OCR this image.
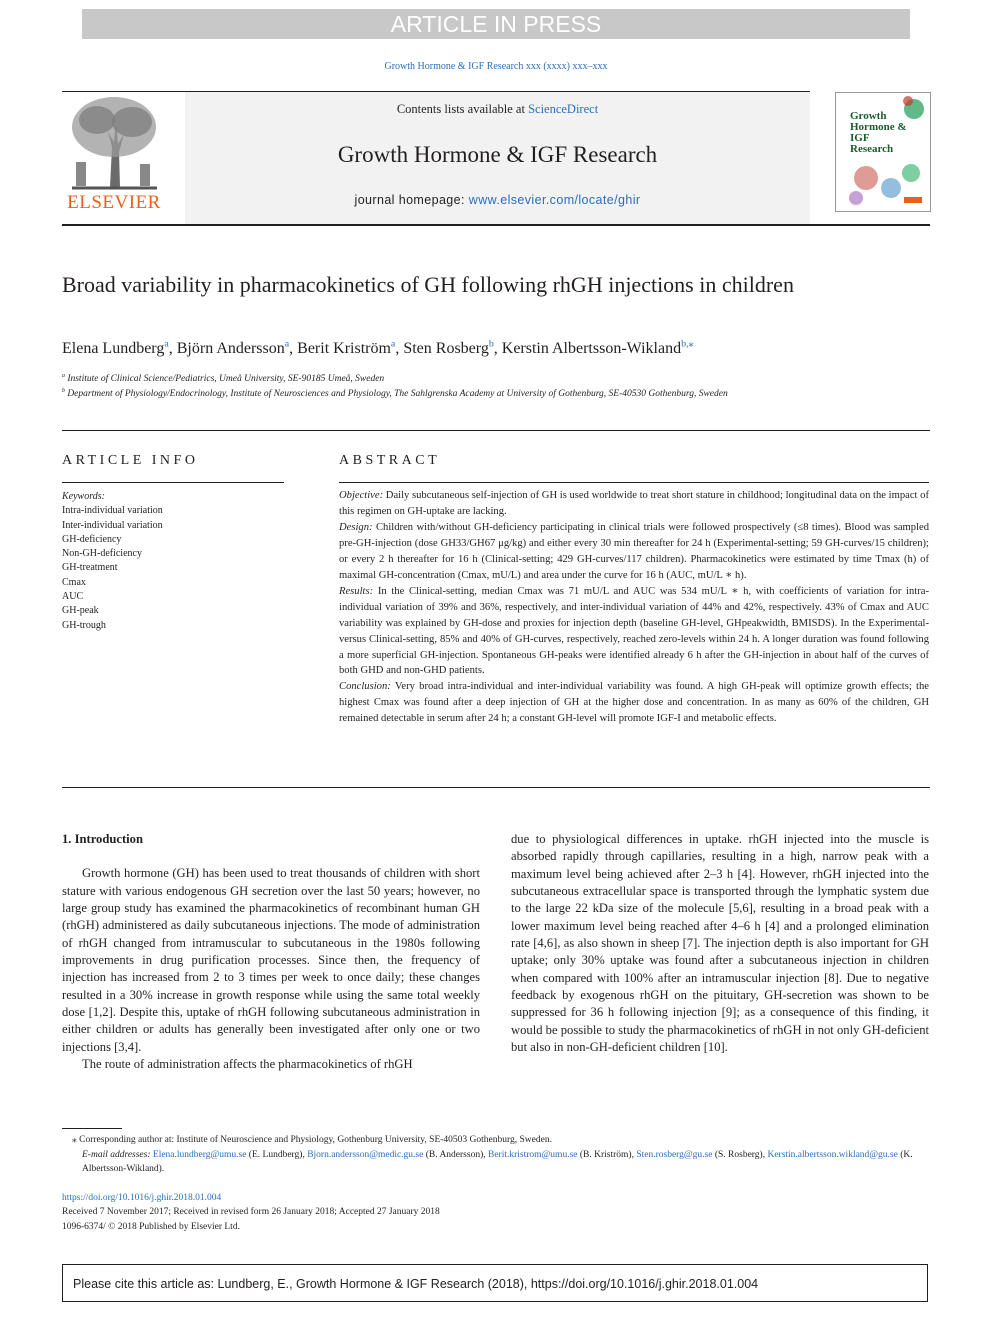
ARTICLE IN PRESS
Growth Hormone & IGF Research xxx (xxxx) xxx–xxx
ELSEVIER
Contents lists available at ScienceDirect
Growth Hormone & IGF Research
journal homepage: www.elsevier.com/locate/ghir
Growth Hormone & IGF Research
Broad variability in pharmacokinetics of GH following rhGH injections in children
Elena Lundberg$^a$, Björn Andersson$^a$, Berit Kriström$^a$, Sten Rosberg$^b$, Kerstin Albertsson-Wikland$^{b,⁎}$
$^a$ Institute of Clinical Science/Pediatrics, Umeå University, SE-90185 Umeå, Sweden
$^b$ Department of Physiology/Endocrinology, Institute of Neurosciences and Physiology, The Sahlgrenska Academy at University of Gothenburg, SE-40530 Gothenburg, Sweden
ARTICLE INFO
Keywords:
Intra-individual variation
Inter-individual variation
GH-deficiency
Non-GH-deficiency
GH-treatment
Cmax
AUC
GH-peak
GH-trough
ABSTRACT

Objective: Daily subcutaneous self-injection of GH is used worldwide to treat short stature in childhood; longitudinal data on the impact of this regimen on GH-uptake are lacking.

Design: Children with/without GH-deficiency participating in clinical trials were followed prospectively (≤8 times). Blood was sampled pre-GH-injection (dose GH33/GH67 μg/kg) and either every 30 min thereafter for 24 h (Experimental-setting; 59 GH-curves/15 children); or every 2 h thereafter for 16 h (Clinical-setting; 429 GH-curves/117 children). Pharmacokinetics were estimated by time Tmax (h) of maximal GH-concentration (Cmax, mU/L) and area under the curve for 16 h (AUC, mU/L ∗ h).

Results: In the Clinical-setting, median Cmax was 71 mU/L and AUC was 534 mU/L ∗ h, with coefficients of variation for intra-individual variation of 39% and 36%, respectively, and inter-individual variation of 44% and 42%, respectively. 43% of Cmax and AUC variability was explained by GH-dose and proxies for injection depth (baseline GH-level, GHpeakwidth, BMISDS). In the Experimental- versus Clinical-setting, 85% and 40% of GH-curves, respectively, reached zero-levels within 24 h. A longer duration was found following a more superficial GH-injection. Spontaneous GH-peaks were identified already 6 h after the GH-injection in about half of the curves of both GHD and non-GHD patients.

Conclusion: Very broad intra-individual and inter-individual variability was found. A high GH-peak will optimize growth effects; the highest Cmax was found after a deep injection of GH at the higher dose and concentration. In as many as 60% of the children, GH remained detectable in serum after 24 h; a constant GH-level will promote IGF-I and metabolic effects.

1. Introduction

Growth hormone (GH) has been used to treat thousands of children with short stature with various endogenous GH secretion over the last 50 years; however, no large group study has examined the pharmacokinetics of recombinant human GH (rhGH) administered as daily subcutaneous injections. The mode of administration of rhGH changed from intramuscular to subcutaneous in the 1980s following improvements in drug purification processes. Since then, the frequency of injection has increased from 2 to 3 times per week to once daily; these changes resulted in a 30% increase in growth response while using the same total weekly dose [1,2]. Despite this, uptake of rhGH following subcutaneous administration in either children or adults has generally been investigated after only one or two injections [3,4].

The route of administration affects the pharmacokinetics of rhGH

due to physiological differences in uptake. rhGH injected into the muscle is absorbed rapidly through capillaries, resulting in a high, narrow peak with a maximum level being achieved after 2–3 h [4]. However, rhGH injected into the subcutaneous extracellular space is transported through the lymphatic system due to the large 22 kDa size of the molecule [5,6], resulting in a broad peak with a lower maximum level being reached after 4–6 h [4] and a prolonged elimination rate [4,6], as also shown in sheep [7]. The injection depth is also important for GH uptake; only 30% uptake was found after a subcutaneous injection in children when compared with 100% after an intramuscular injection [8]. Due to negative feedback by exogenous rhGH on the pituitary, GH-secretion was shown to be suppressed for 36 h following injection [9]; as a consequence of this finding, it would be possible to study the pharmacokinetics of rhGH in not only GH-deficient but also in non-GH-deficient children [10].

⁎ Corresponding author at: Institute of Neuroscience and Physiology, Gothenburg University, SE-40503 Gothenburg, Sweden.
E-mail addresses: Elena.lundberg@umu.se (E. Lundberg), Bjorn.andersson@medic.gu.se (B. Andersson), Berit.kristrom@umu.se (B. Kriström), Sten.rosberg@gu.se (S. Rosberg), Kerstin.albertsson.wikland@gu.se (K. Albertsson-Wikland).
https://doi.org/10.1016/j.ghir.2018.01.004
Received 7 November 2017; Received in revised form 26 January 2018; Accepted 27 January 2018
1096-6374/ © 2018 Published by Elsevier Ltd.
Please cite this article as: Lundberg, E., Growth Hormone & IGF Research (2018), https://doi.org/10.1016/j.ghir.2018.01.004
